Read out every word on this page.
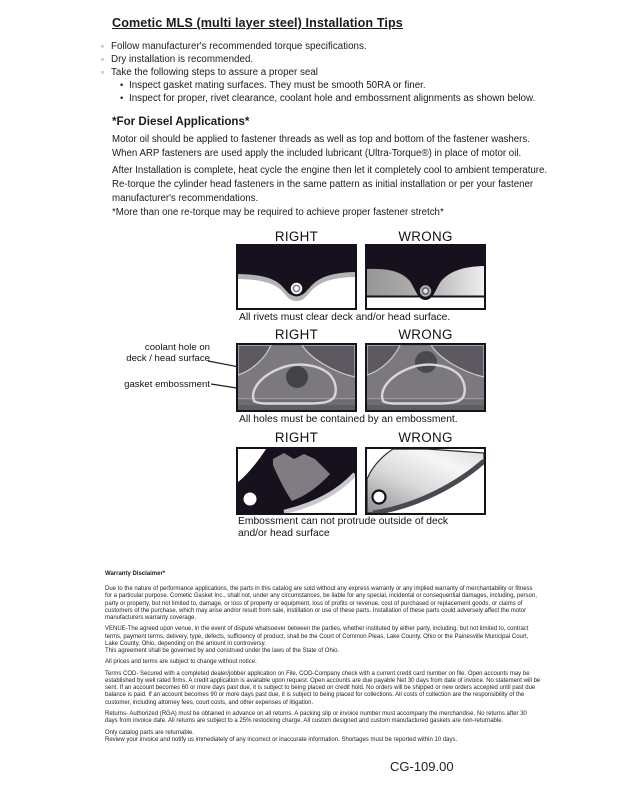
Cometic MLS (multi layer steel) Installation Tips
◦ Follow manufacturer's recommended torque specifications.
◦ Dry installation is recommended.
◦ Take the following steps to assure a proper seal
• Inspect gasket mating surfaces. They must be smooth 50RA or finer.
• Inspect for proper, rivet clearance, coolant hole and embossment alignments as shown below.
*For Diesel Applications*
Motor oil should be applied to fastener threads as well as top and bottom of the fastener washers. When ARP fasteners are used apply the included lubricant (Ultra-Torque®) in place of motor oil.
After Installation is complete, heat cycle the engine then let it completely cool to ambient temperature. Re-torque the cylinder head fasteners in the same pattern as initial installation or per your fastener manufacturer's recommendations.
*More than one re-torque may be required to achieve proper fastener stretch*
RIGHT	WRONG
All rivets must clear deck and/or head surface.
RIGHT	WRONG
coolant hole on
deck / head surface
gasket embossment
All holes must be contained by an embossment.
RIGHT	WRONG
Embossment can not protrude outside of deck
and/or head surface
Warranty Disclaimer*
Due to the nature of performance applications, the parts in this catalog are sold without any express warranty or any implied warranty of merchantability or fitness for a particular purpose. Cometic Gasket Inc., shall not, under any circumstances, be liable for any special, incidental or consequential damages, including, person, party or property, but not limited to, damage, or loss of property or equipment, loss of profits or revenue, cost of purchased or replacement goods, or claims of customers of the purchase, which may arise and/or result from sale, instillation or use of these parts. Installation of these parts could adversely affect the motor manufacturers warranty coverage.
VENUE-The agreed upon venue, in the event of dispute whatsoever between the parties, whether instituted by either party, including, but not limited to, contract terms, payment terms, delivery, type, defects, sufficiency of product, shall be the Court of Common Pleas, Lake County, Ohio or the Painesville Municipal Court, Lake County, Ohio, depending on the amount in controversy.
This agreement shall be governed by and construed under the laws of the State of Ohio.
All prices and terms are subject to change without notice.
Terms COD- Secured with a completed dealer/jobber application on File, COD-Company check with a current credit card number on file. Open accounts may be established by well rated firms. A credit application is available upon request. Open accounts are due payable Net 30 days from date of invoice. No statement will be sent. If an account becomes 60 or more days past due, it is subject to being placed on credit hold. No orders will be shipped or new orders accepted until past due balance is paid. If an account becomes 90 or more days past due, it is subject to being placed for collections. All costs of collection are the responsibility of the customer, including attorney fees, court costs, and other expenses of litigation.
Returns- Authorized (RGA) must be obtained in advance on all returns. A packing slip or invoice number must accompany the merchandise. No returns after 30 days from invoice date. All returns are subject to a 25% restocking charge. All custom designed and custom manufactured gaskets are non-returnable.
Only catalog parts are returnable.
Review your invoice and notify us immediately of any incorrect or inaccurate information. Shortages must be reported within 10 days.
CG-109.00
